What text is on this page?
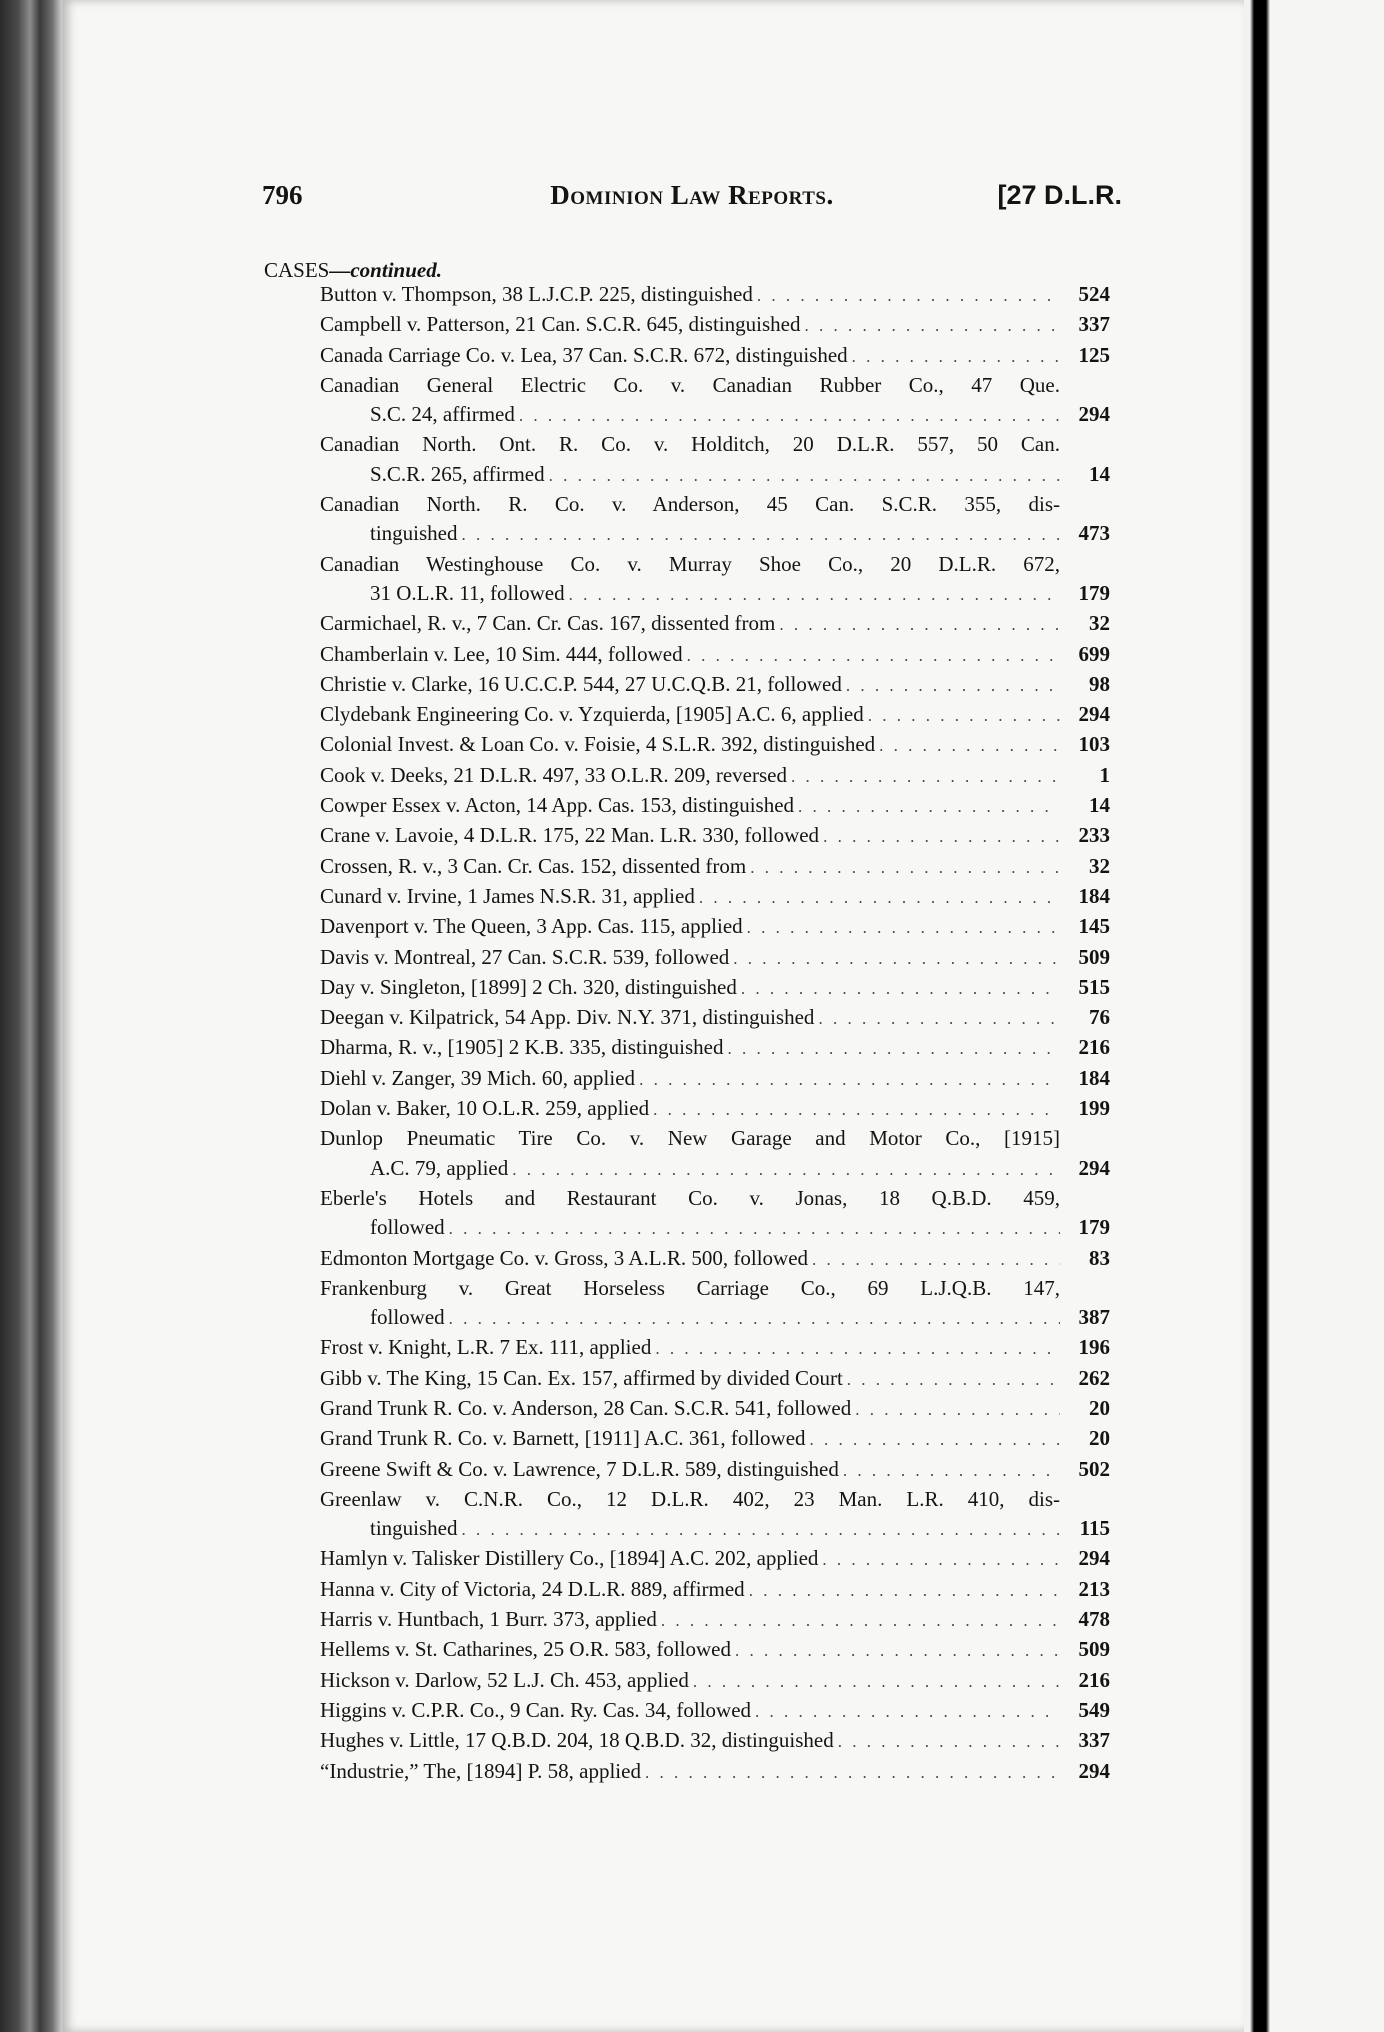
796	Dominion Law Reports.	[27 D.L.R.
CASES—continued.
Button v. Thompson, 38 L.J.C.P. 225, distinguished . . .	524
Campbell v. Patterson, 21 Can. S.C.R. 645, distinguished . . .	337
Canada Carriage Co. v. Lea, 37 Can. S.C.R. 672, distinguished . . .	125
Canadian General Electric Co. v. Canadian Rubber Co., 47 Que.
S.C. 24, affirmed . . .	294
Canadian North. Ont. R. Co. v. Holditch, 20 D.L.R. 557, 50 Can.
S.C.R. 265, affirmed . . .	14
Canadian North. R. Co. v. Anderson, 45 Can. S.C.R. 355, dis-
tinguished . . .	473
Canadian Westinghouse Co. v. Murray Shoe Co., 20 D.L.R. 672,
31 O.L.R. 11, followed . . .	179
Carmichael, R. v., 7 Can. Cr. Cas. 167, dissented from . . .	32
Chamberlain v. Lee, 10 Sim. 444, followed . . .	699
Christie v. Clarke, 16 U.C.C.P. 544, 27 U.C.Q.B. 21, followed . . .	98
Clydebank Engineering Co. v. Yzquierda, [1905] A.C. 6, applied . . .	294
Colonial Invest. & Loan Co. v. Foisie, 4 S.L.R. 392, distinguished . . .	103
Cook v. Deeks, 21 D.L.R. 497, 33 O.L.R. 209, reversed . . .	1
Cowper Essex v. Acton, 14 App. Cas. 153, distinguished . . .	14
Crane v. Lavoie, 4 D.L.R. 175, 22 Man. L.R. 330, followed . . .	233
Crossen, R. v., 3 Can. Cr. Cas. 152, dissented from . . .	32
Cunard v. Irvine, 1 James N.S.R. 31, applied . . .	184
Davenport v. The Queen, 3 App. Cas. 115, applied . . .	145
Davis v. Montreal, 27 Can. S.C.R. 539, followed . . .	509
Day v. Singleton, [1899] 2 Ch. 320, distinguished . . .	515
Deegan v. Kilpatrick, 54 App. Div. N.Y. 371, distinguished . . .	76
Dharma, R. v., [1905] 2 K.B. 335, distinguished . . .	216
Diehl v. Zanger, 39 Mich. 60, applied . . .	184
Dolan v. Baker, 10 O.L.R. 259, applied . . .	199
Dunlop Pneumatic Tire Co. v. New Garage and Motor Co., [1915]
A.C. 79, applied . . .	294
Eberle's Hotels and Restaurant Co. v. Jonas, 18 Q.B.D. 459,
followed . . .	179
Edmonton Mortgage Co. v. Gross, 3 A.L.R. 500, followed . . .	83
Frankenburg v. Great Horseless Carriage Co., 69 L.J.Q.B. 147,
followed . . .	387
Frost v. Knight, L.R. 7 Ex. 111, applied . . .	196
Gibb v. The King, 15 Can. Ex. 157, affirmed by divided Court . . .	262
Grand Trunk R. Co. v. Anderson, 28 Can. S.C.R. 541, followed . . .	20
Grand Trunk R. Co. v. Barnett, [1911] A.C. 361, followed . . .	20
Greene Swift & Co. v. Lawrence, 7 D.L.R. 589, distinguished . . .	502
Greenlaw v. C.N.R. Co., 12 D.L.R. 402, 23 Man. L.R. 410, dis-
tinguished . . .	115
Hamlyn v. Talisker Distillery Co., [1894] A.C. 202, applied . . .	294
Hanna v. City of Victoria, 24 D.L.R. 889, affirmed . . .	213
Harris v. Huntbach, 1 Burr. 373, applied . . .	478
Hellems v. St. Catharines, 25 O.R. 583, followed . . .	509
Hickson v. Darlow, 52 L.J. Ch. 453, applied . . .	216
Higgins v. C.P.R. Co., 9 Can. Ry. Cas. 34, followed . . .	549
Hughes v. Little, 17 Q.B.D. 204, 18 Q.B.D. 32, distinguished . . .	337
“Industrie,” The, [1894] P. 58, applied . . .	294
